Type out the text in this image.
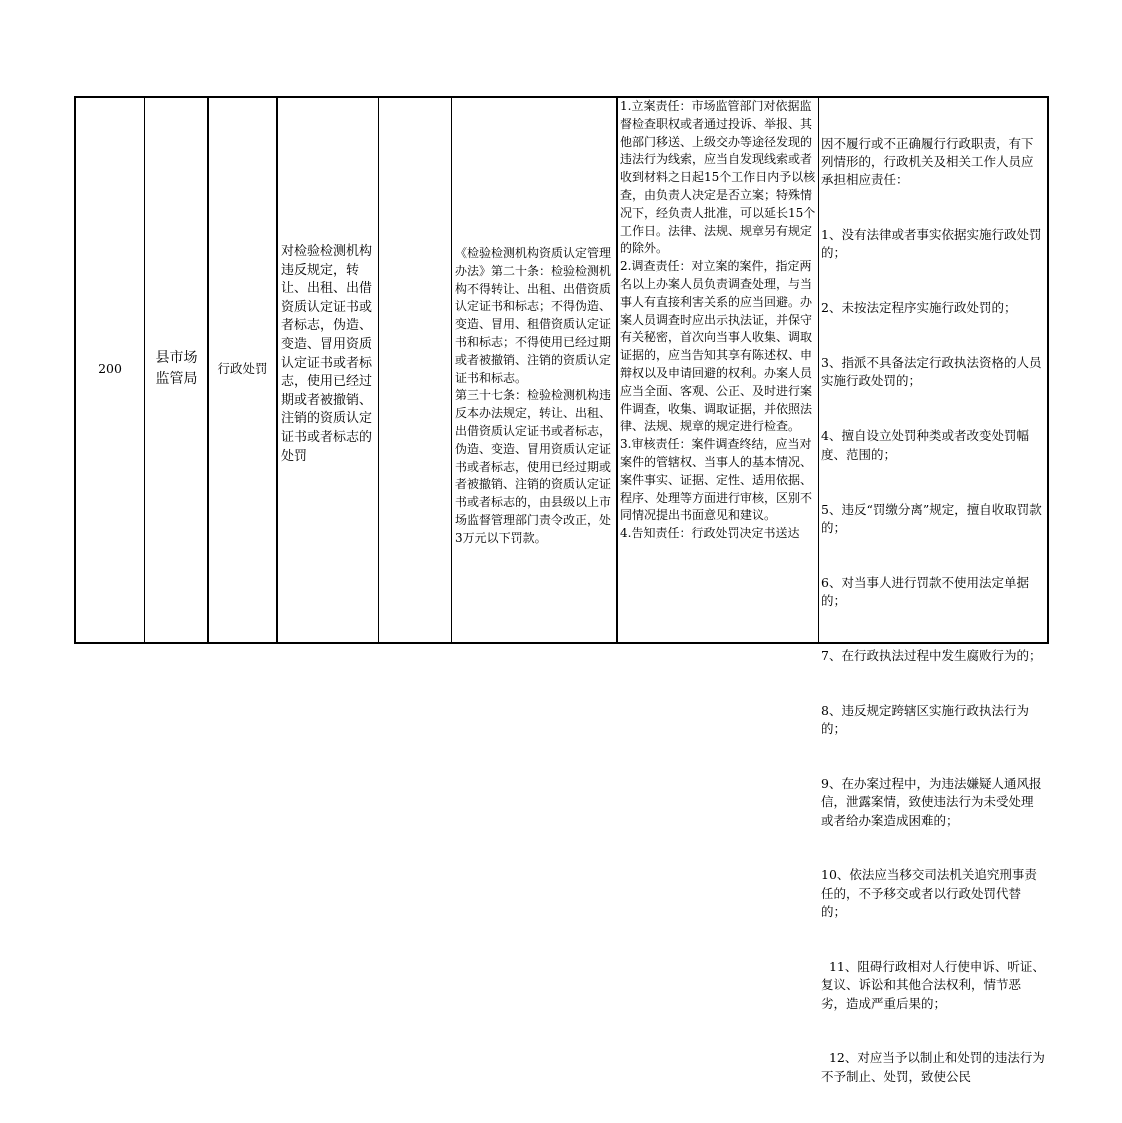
200
县市场监管局
行政处罚
对检验检测机构违反规定，转让、出租、出借资质认定证书或者标志，伪造、变造、冒用资质认定证书或者标志，使用已经过期或者被撤销、注销的资质认定证书或者标志的处罚
《检验检测机构资质认定管理办法》第二十条：检验检测机构不得转让、出租、出借资质认定证书和标志；不得伪造、变造、冒用、租借资质认定证书和标志；不得使用已经过期或者被撤销、注销的资质认定证书和标志。
第三十七条：检验检测机构违反本办法规定，转让、出租、出借资质认定证书或者标志，伪造、变造、冒用资质认定证书或者标志，使用已经过期或者被撤销、注销的资质认定证书或者标志的，由县级以上市场监督管理部门责令改正，处3万元以下罚款。

1.立案责任：市场监管部门对依据监督检查职权或者通过投诉、举报、其他部门移送、上级交办等途径发现的违法行为线索，应当自发现线索或者收到材料之日起15个工作日内予以核查，由负责人决定是否立案；特殊情况下，经负责人批准，可以延长15个工作日。法律、法规、规章另有规定的除外。

2.调查责任：对立案的案件，指定两名以上办案人员负责调查处理，与当事人有直接利害关系的应当回避。办案人员调查时应出示执法证，并保守有关秘密，首次向当事人收集、调取证据的，应当告知其享有陈述权、申辩权以及申请回避的权利。办案人员应当全面、客观、公正、及时进行案件调查，收集、调取证据，并依照法律、法规、规章的规定进行检查。

3.审核责任：案件调查终结，应当对案件的管辖权、当事人的基本情况、案件事实、证据、定性、适用依据、程序、处理等方面进行审核，区别不同情况提出书面意见和建议。

4.告知责任：行政处罚决定书送达

因不履行或不正确履行行政职责，有下列情形的，行政机关及相关工作人员应承担相应责任：

1、没有法律或者事实依据实施行政处罚的；

2、未按法定程序实施行政处罚的；

3、指派不具备法定行政执法资格的人员实施行政处罚的；

4、擅自设立处罚种类或者改变处罚幅度、范围的；

5、违反“罚缴分离”规定，擅自收取罚款的；

6、对当事人进行罚款不使用法定单据的；

7、在行政执法过程中发生腐败行为的；

8、违反规定跨辖区实施行政执法行为的；

9、在办案过程中，为违法嫌疑人通风报信，泄露案情，致使违法行为未受处理或者给办案造成困难的；

10、依法应当移交司法机关追究刑事责任的，不予移交或者以行政处罚代替的；

11、阻碍行政相对人行使申诉、听证、复议、诉讼和其他合法权利，情节恶劣，造成严重后果的；

12、对应当予以制止和处罚的违法行为不予制止、处罚，致使公民
